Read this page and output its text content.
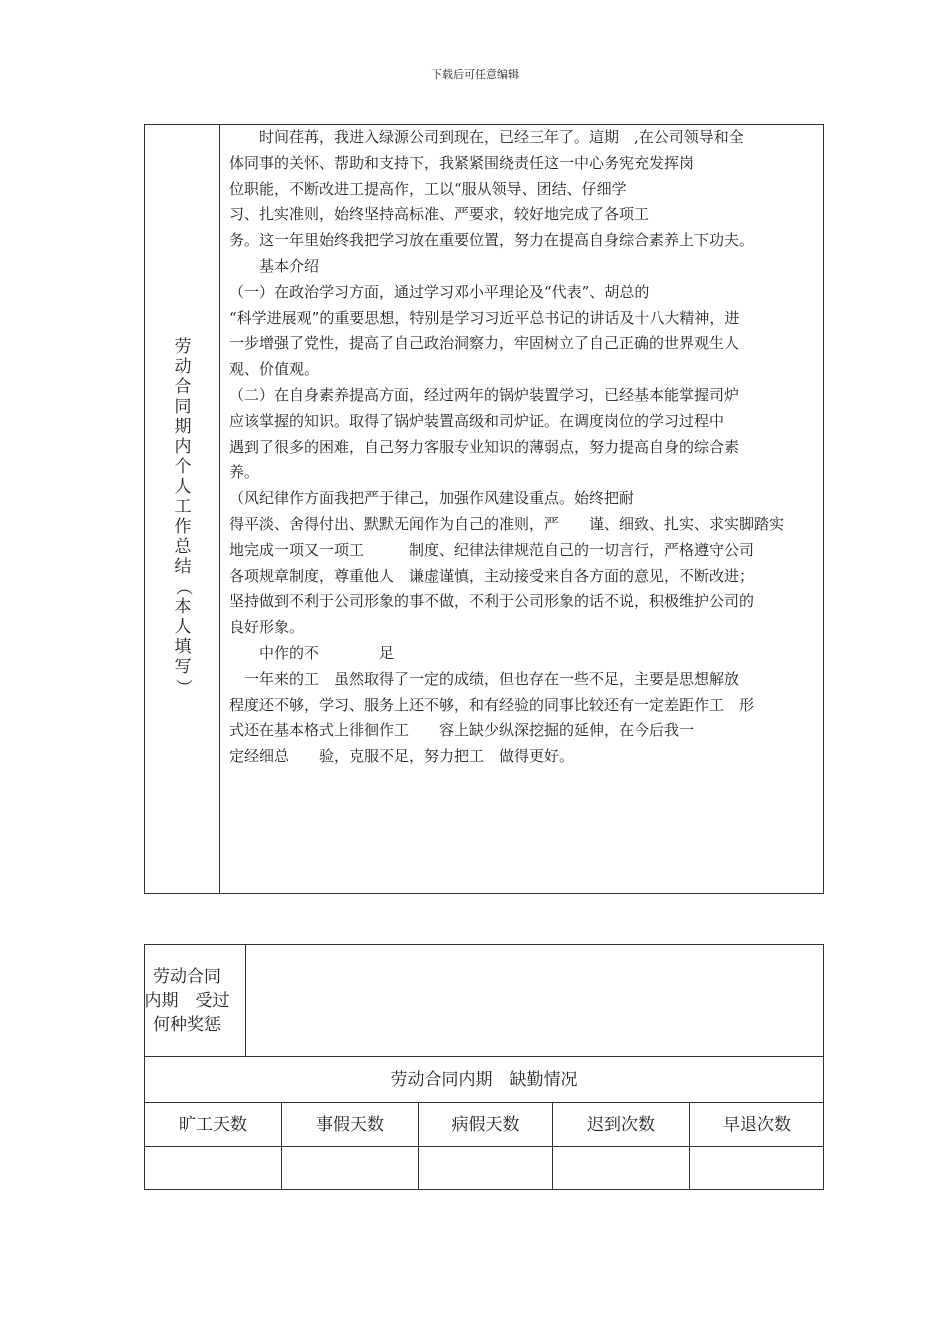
下载后可任意编辑
劳
动
合
同
期
内
个
人
工
作
总
结
（
本
人
填
写
）

　　时间荏苒，我进入绿源公司到现在，已经三年了。這期　,在公司领导和全

体同事的关怀、帮助和支持下，我紧紧围绕责任这一中心务宪充发挥岗

位职能，不断改进工提高作，工以“服从领导、团结、仔细学

习、扎实准则，始终坚持高标准、严要求，较好地完成了各项工

务。这一年里始终我把学习放在重要位置，努力在提高自身综合素养上下功夫。

　　基本介绍

（一）在政治学习方面，通过学习邓小平理论及“代表”、胡总的

“科学进展观”的重要思想，特别是学习习近平总书记的讲话及十八大精神，进

一步增强了党性，提高了自己政治洞察力，牢固树立了自己正确的世界观生人

观、价值观。

（二）在自身素养提高方面，经过两年的锅炉装置学习，已经基本能掌握司炉

应该掌握的知识。取得了锅炉装置高级和司炉证。在调度岗位的学习过程中

遇到了很多的困难，自己努力客服专业知识的薄弱点，努力提高自身的综合素

养。

（风纪律作方面我把严于律己，加强作风建设重点。始终把耐

得平淡、舍得付出、默默无闻作为自己的准则，严　　谨、细致、扎实、求实脚踏实

地完成一项又一项工　　　制度、纪律法律规范自己的一切言行，严格遵守公司

各项规章制度，尊重他人　谦虚谨慎，主动接受来自各方面的意见，不断改进；

坚持做到不利于公司形象的事不做，不利于公司形象的话不说，积极维护公司的

良好形象。

　　中作的不　　　　足

　一年来的工　虽然取得了一定的成绩，但也存在一些不足，主要是思想解放

程度还不够，学习、服务上还不够，和有经验的同事比较还有一定差距作工　形

式还在基本格式上徘徊作工　　容上缺少纵深挖掘的延伸，在今后我一

定经细总　　验，克服不足，努力把工　做得更好。

劳动合同
内期　受过
何种奖惩
劳动合同内期　缺勤情况
旷工天数	事假天数	病假天数	迟到次数	早退次数
